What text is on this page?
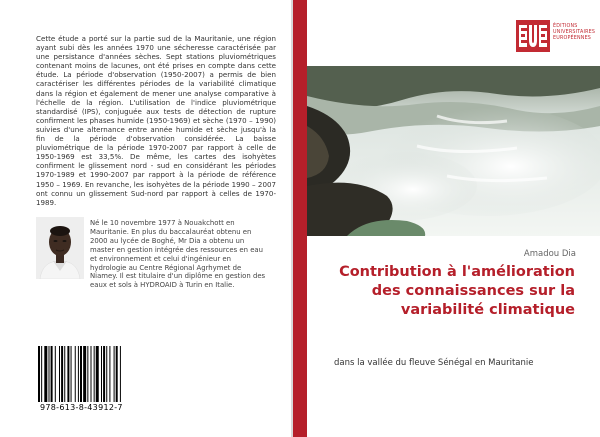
Cette étude a porté sur la partie sud de la Mauritanie, une région ayant subi dès les années 1970 une sécheresse caractérisée par une persistance d'années sèches. Sept stations pluviométriques contenant moins de lacunes, ont été prises en compte dans cette étude. La période d'observation (1950-2007) a permis de bien caractériser les différentes périodes de la variabilité climatique dans la région et également de mener une analyse comparative à l'échelle de la région. L'utilisation de l'indice pluviométrique standardisé (IPS), conjuguée aux tests de détection de rupture confirment les phases humide (1950-1969) et sèche (1970 – 1990) suivies d'une alternance entre année humide et sèche jusqu'à la fin de la période d'observation considérée. La baisse pluviométrique de la période 1970-2007 par rapport à celle de 1950-1969 est 33,5%. De même, les cartes des isohyètes confirment le glissement nord - sud en considérant les périodes 1970-1989 et 1990-2007 par rapport à la période de référence 1950 – 1969. En revanche, les isohyètes de la période 1990 – 2007 ont connu un glissement Sud-nord par rapport à celles de 1970-1989.

Né le 10 novembre 1977 à Nouakchott en Mauritanie. En plus du baccalauréat obtenu en 2000 au lycée de Boghé, Mr Dia a obtenu un master en gestion intégrée des ressources en eau et environnement et celui d'ingénieur en hydrologie au Centre Régional Agrhymet de Niamey. Il est titulaire d'un diplôme en gestion des eaux et sols à HYDROAID à Turin en Italie.

978-613-8-43912-7
ÉDITIONS
UNIVERSITAIRES
EUROPÉENNES
Amadou Dia
Contribution à l'amélioration des connaissances sur la variabilité climatique
dans la vallée du fleuve Sénégal en Mauritanie
